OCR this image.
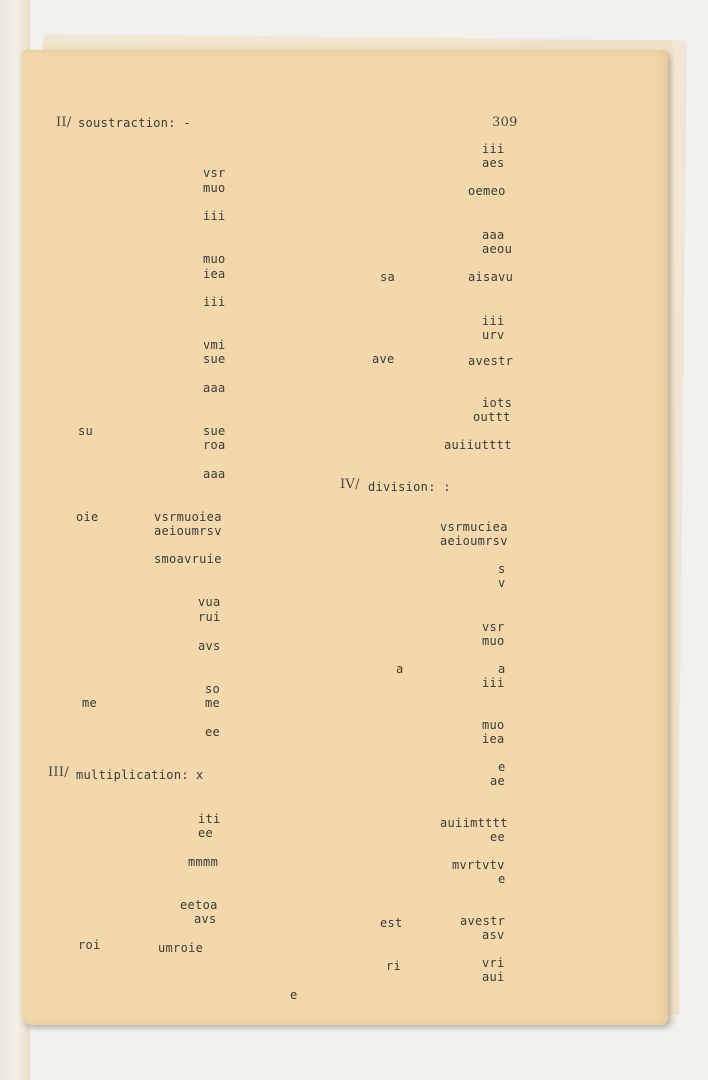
II/ soustraction: -	309
vsr
muo
iii
muo
iea
iii
vmi
sue
aaa
su	sue
roa
aaa
oie	vsrmuoiea
aeioumrsv
smoavruie
vua
rui
avs
so
me	me
ee
III/ multiplication: x
iti
ee
mmmm
eetoa
avs
roi	umroie
iii
aes
oemeo
aaa
aeou
sa	aisavu
iii
urv
ave	avestr
iots
outtt
auiiutttt
IV/ division: :
vsrmuciea
aeioumrsv
s
v
vsr
muo
a	a
iii
muo
iea
e
ae
auiimtttt
ee
mvrtvtv
e
est	avestr
asv
ri	vri
aui
e
